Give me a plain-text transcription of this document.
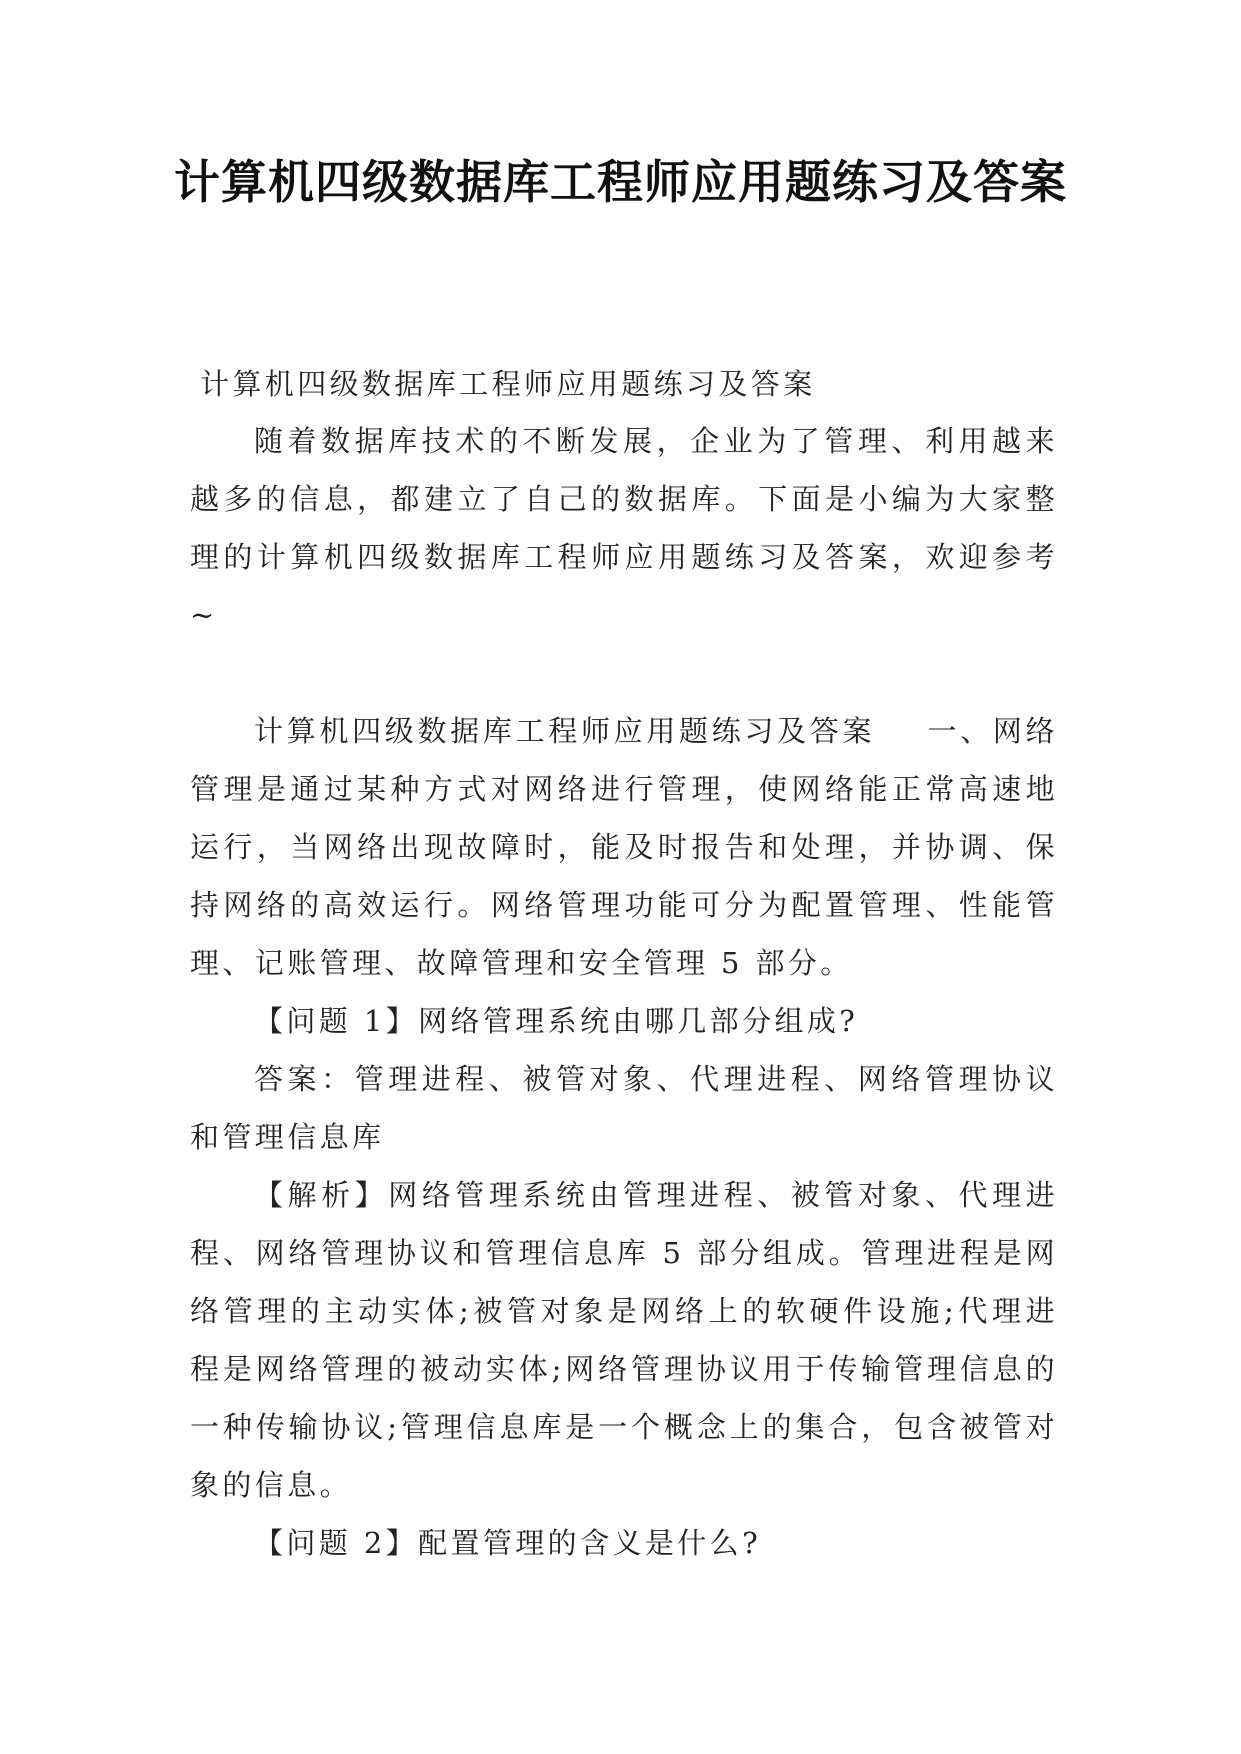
计算机四级数据库工程师应用题练习及答案
计算机四级数据库工程师应用题练习及答案

随着数据库技术的不断发展，企业为了管理、利用越来越多的信息，都建立了自己的数据库。下面是小编为大家整理的计算机四级数据库工程师应用题练习及答案，欢迎参考~

计算机四级数据库工程师应用题练习及答案 一、网络管理是通过某种方式对网络进行管理，使网络能正常高速地运行，当网络出现故障时，能及时报告和处理，并协调、保持网络的高效运行。网络管理功能可分为配置管理、性能管理、记账管理、故障管理和安全管理 5 部分。

【问题 1】网络管理系统由哪几部分组成?

答案：管理进程、被管对象、代理进程、网络管理协议和管理信息库

【解析】网络管理系统由管理进程、被管对象、代理进程、网络管理协议和管理信息库 5 部分组成。管理进程是网络管理的主动实体;被管对象是网络上的软硬件设施;代理进程是网络管理的被动实体;网络管理协议用于传输管理信息的一种传输协议;管理信息库是一个概念上的集合，包含被管对象的信息。

【问题 2】配置管理的含义是什么?
